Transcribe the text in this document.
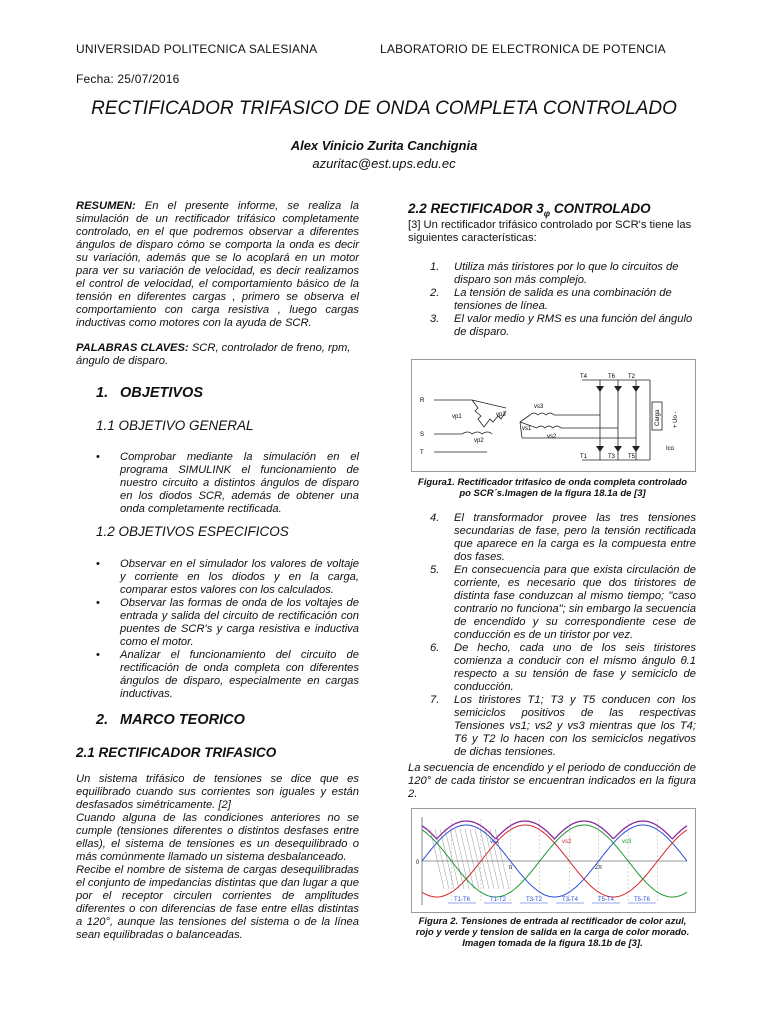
UNIVERSIDAD POLITECNICA SALESIANA	LABORATORIO DE ELECTRONICA DE POTENCIA
Fecha: 25/07/2016
RECTIFICADOR TRIFASICO DE ONDA COMPLETA CONTROLADO
Alex Vinicio Zurita Canchignia
azuritac@est.ups.edu.ec
RESUMEN: En el presente informe, se realiza la simulación de un rectificador trifásico completamente controlado, en el que podremos observar a diferentes ángulos de disparo cómo se comporta la onda es decir su variación, además que se lo acoplará en un motor para ver su variación de velocidad, es decir realizamos el control de velocidad, el comportamiento básico de la tensión en diferentes cargas , primero se observa el comportamiento con carga resistiva , luego cargas inductivas como motores con la ayuda de SCR.
PALABRAS CLAVES: SCR, controlador de freno, rpm, ángulo de disparo.
1. OBJETIVOS
1.1 OBJETIVO GENERAL
• Comprobar mediante la simulación en el programa SIMULINK el funcionamiento de nuestro circuito a distintos ángulos de disparo en los diodos SCR, además de obtener una onda completamente rectificada.
1.2 OBJETIVOS ESPECIFICOS
• Observar en el simulador los valores de voltaje y corriente en los diodos y en la carga, comparar estos valores con los calculados.
• Observar las formas de onda de los voltajes de entrada y salida del circuito de rectificación con puentes de SCR's y carga resistiva e inductiva como el motor.
• Analizar el funcionamiento del circuito de rectificación de onda completa con diferentes ángulos de disparo, especialmente en cargas inductivas.
2. MARCO TEORICO
2.1 RECTIFICADOR TRIFASICO
Un sistema trifásico de tensiones se dice que es equilibrado cuando sus corrientes son iguales y están desfasados simétricamente. [2]
Cuando alguna de las condiciones anteriores no se cumple (tensiones diferentes o distintos desfases entre ellas), el sistema de tensiones es un desequilibrado o más comúnmente llamado un sistema desbalanceado.
Recibe el nombre de sistema de cargas desequilibradas el conjunto de impedancias distintas que dan lugar a que por el receptor circulen corrientes de amplitudes diferentes o con diferencias de fase entre ellas distintas a 120°, aunque las tensiones del sistema o de la línea sean equilibradas o balanceadas.
2.2 RECTIFICADOR $3_\varphi$ CONTROLADO
[3] Un rectificador trifásico controlado por SCR's tiene las siguientes características:
1. Utiliza más tiristores por lo que lo circuitos de disparo son más complejo.
2. La tensión de salida es una combinación de tensiones de línea.
3. El valor medio y RMS es una función del ángulo de disparo.
R
S
T
vp1
vp2
vp3
vs3
vs1
vs2
T4	T6 T2
T1	T3 T5
Carga + Uo -
Ico
Figura1. Rectificador trifasico de onda completa controlado po SCR´s.Imagen de la figura 18.1a de [3]
4. El transformador provee las tres tensiones secundarias de fase, pero la tensión rectificada que aparece en la carga es la compuesta entre dos fases.
5. En consecuencia para que exista circulación de corriente, es necesario que dos tiristores de distinta fase conduzcan al mismo tiempo; "caso contrario no funciona"; sin embargo la secuencia de encendido y su correspondiente cese de conducción es de un tiristor por vez.
6. De hecho, cada uno de los seis tiristores comienza a conducir con el mismo ángulo θ.1 respecto a su tensión de fase y semiciclo de conducción.
7. Los tiristores T1; T3 y T5 conducen con los semiciclos positivos de las respectivas Tensiones vs1; vs2 y vs3 mientras que los T4; T6 y T2 lo hacen con los semiciclos negativos de dichas tensiones.
La secuencia de encendido y el periodo de conducción de 120° de cada tiristor se encuentran indicados en la figura 2.
vs1	vs2	vs3
0
π	2π
T1-T6	T1-T2	T3-T2	T3-T4	T5-T4	T5-T6
Figura 2. Tensiones de entrada al rectificador de color azul, rojo y verde y tension de salida en la carga de color morado. Imagen tomada de la figura 18.1b de [3].
